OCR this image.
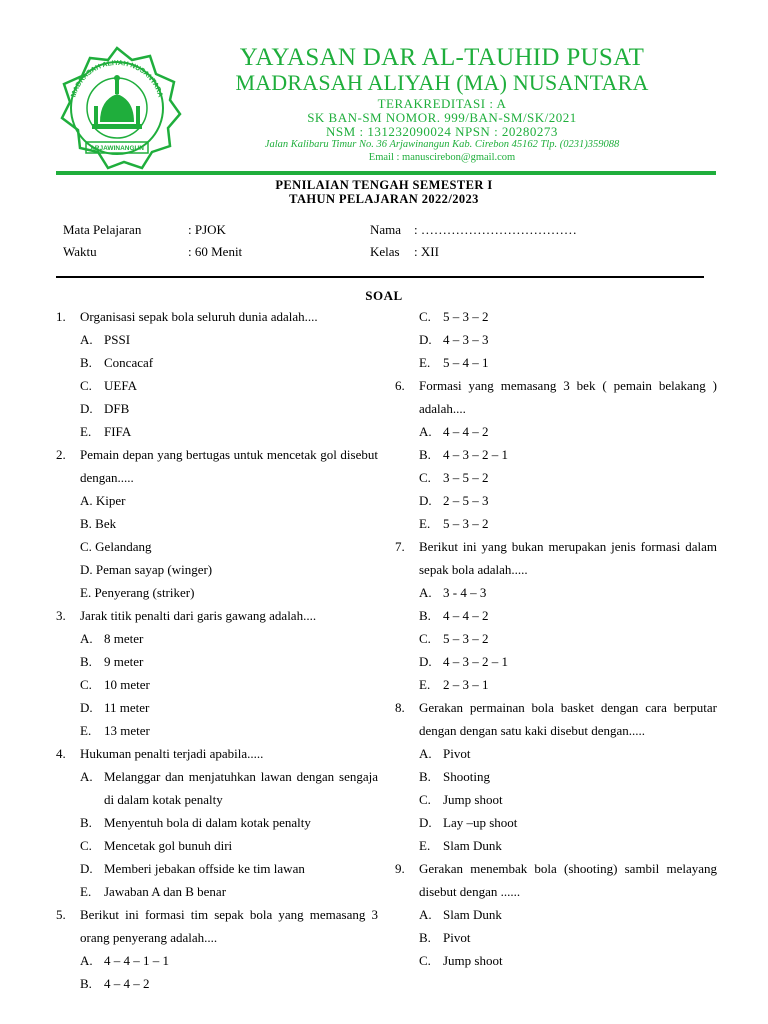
MADRASAH ALIYAH NUSANTARA
ARJAWINANGUN
YAYASAN DAR AL-TAUHID PUSAT
MADRASAH ALIYAH (MA) NUSANTARA
TERAKREDITASI : A
SK BAN-SM NOMOR. 999/BAN-SM/SK/2021
NSM : 131232090024 NPSN : 20280273
Jalan Kalibaru Timur No. 36 Arjawinangun Kab. Cirebon 45162 Tlp. (0231)359088
Email : manuscirebon@gmail.com
PENILAIAN TENGAH SEMESTER I
TAHUN PELAJARAN 2022/2023
Mata Pelajaran	: PJOK
Waktu	: 60 Menit
Nama : ………………………………
Kelas : XII
SOAL
1. Organisasi sepak bola seluruh dunia adalah....
A. PSSI
B. Concacaf
C. UEFA
D. DFB
E. FIFA
2. Pemain depan yang bertugas untuk mencetak gol disebut dengan.....
A. Kiper
B. Bek
C. Gelandang
D. Peman sayap (winger)
E. Penyerang (striker)
3. Jarak titik penalti dari garis gawang adalah....
A. 8 meter
B. 9 meter
C. 10 meter
D. 11 meter
E. 13 meter
4. Hukuman penalti terjadi apabila.....
A. Melanggar dan menjatuhkan lawan dengan sengaja di dalam kotak penalty
B. Menyentuh bola di dalam kotak penalty
C. Mencetak gol bunuh diri
D. Memberi jebakan offside ke tim lawan
E. Jawaban A dan B benar
5. Berikut ini formasi tim sepak bola yang memasang 3 orang penyerang adalah....
A. 4 – 4 – 1 – 1
B. 4 – 4 – 2
C. 5 – 3 – 2
D. 4 – 3 – 3
E. 5 – 4 – 1
6. Formasi yang memasang 3 bek ( pemain belakang ) adalah....
A. 4 – 4 – 2
B. 4 – 3 – 2 – 1
C. 3 – 5 – 2
D. 2 – 5 – 3
E. 5 – 3 – 2
7. Berikut ini yang bukan merupakan jenis formasi dalam sepak bola adalah.....
A. 3 - 4 – 3
B. 4 – 4 – 2
C. 5 – 3 – 2
D. 4 – 3 – 2 – 1
E. 2 – 3 – 1
8. Gerakan permainan bola basket dengan cara berputar dengan dengan satu kaki disebut dengan.....
A. Pivot
B. Shooting
C. Jump shoot
D. Lay –up shoot
E. Slam Dunk
9. Gerakan menembak bola (shooting) sambil melayang disebut dengan ......
A. Slam Dunk
B. Pivot
C. Jump shoot
